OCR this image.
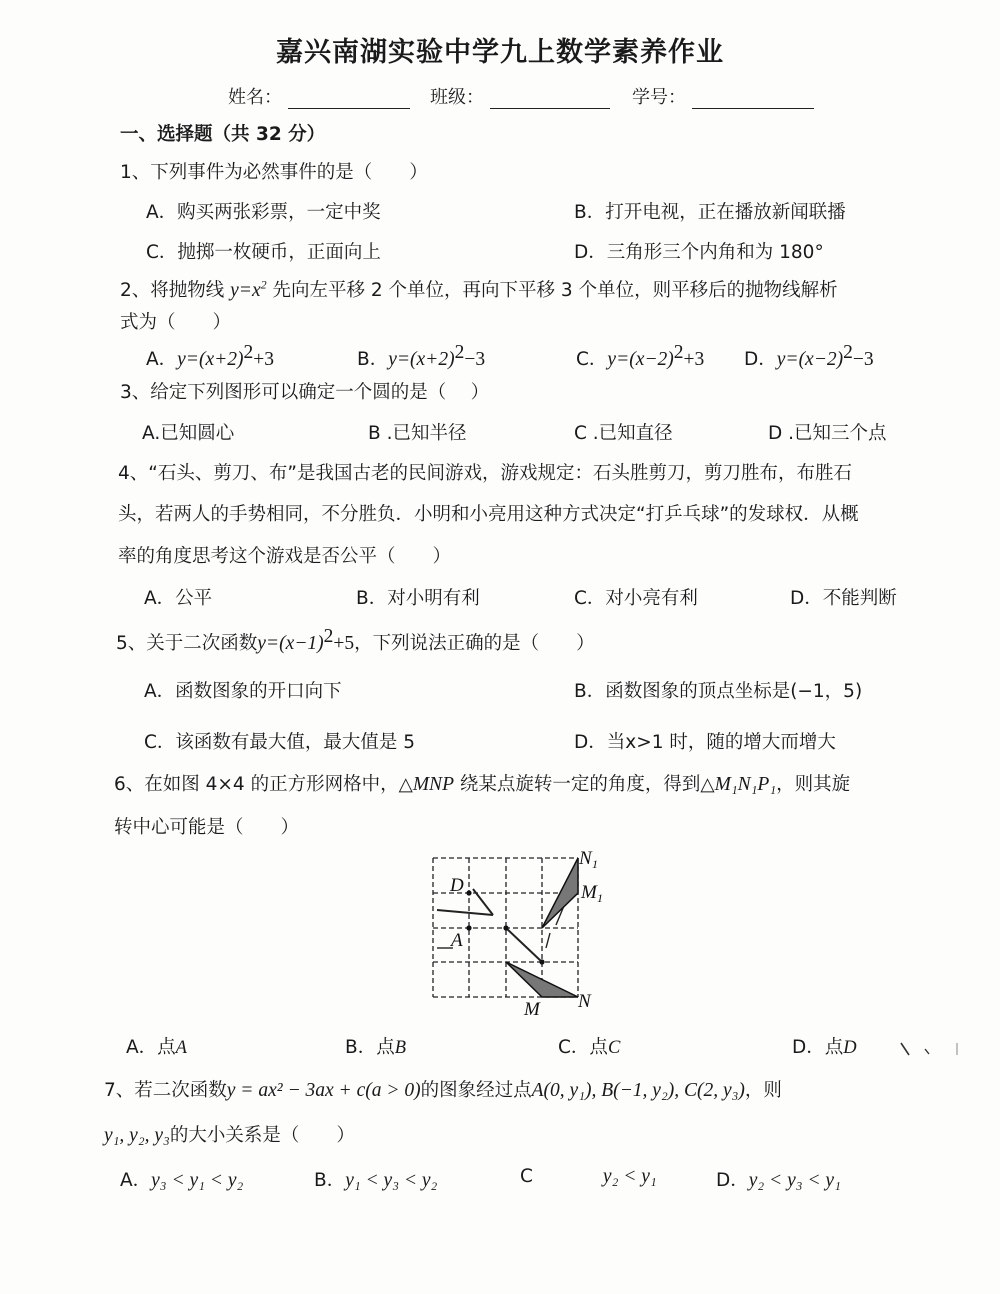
嘉兴南湖实验中学九上数学素养作业
姓名：	班级：	学号：
一、选择题（共 32 分）
1、下列事件为必然事件的是（　　）
A．购买两张彩票，一定中奖	B．打开电视，正在播放新闻联播
C．抛掷一枚硬币，正面向上	D．三角形三个内角和为 180°
2、将抛物线 $y=x^2$ 先向左平移 2 个单位，再向下平移 3 个单位，则平移后的抛物线解析
式为（　　）
A．$y=(x+2)^2+3$	B．$y=(x+2)^2-3$	C．$y=(x-2)^2+3$ D．$y=(x-2)^2-3$
3、给定下列图形可以确定一个圆的是（　 ）
A.已知圆心	B .已知半径	C .已知直径	D .已知三个点
4、“石头、剪刀、布”是我国古老的民间游戏，游戏规定：石头胜剪刀，剪刀胜布，布胜石
头，若两人的手势相同，不分胜负．小明和小亮用这种方式决定“打乒乓球”的发球权．从概
率的角度思考这个游戏是否公平（　　）
A．公平	B．对小明有利	C．对小亮有利	D．不能判断
5、关于二次函数$y=(x-1)^2+5$，下列说法正确的是（　　）
A．函数图象的开口向下	B．函数图象的顶点坐标是(−1，5)
C．该函数有最大值，最大值是 5	D．当x>1 时，随的增大而增大
6、在如图 4×4 的正方形网格中，△MNP 绕某点旋转一定的角度，得到△M₁N₁P₁，则其旋
转中心可能是（　　）
D
A
N 1
M 1
M N
A．点A	B．点B	C．点C	D．点D
7、若二次函数y = ax² − 3ax + c(a > 0)的图象经过点A(0, y₁), B(−1, y₂), C(2, y₃)，则
y₁, y₂, y₃的大小关系是（　　）
A．y₃ < y₁ < y₂	B．y₁ < y₃ < y₂	C	y₂ < y₁	D．y₂ < y₃ < y₁
